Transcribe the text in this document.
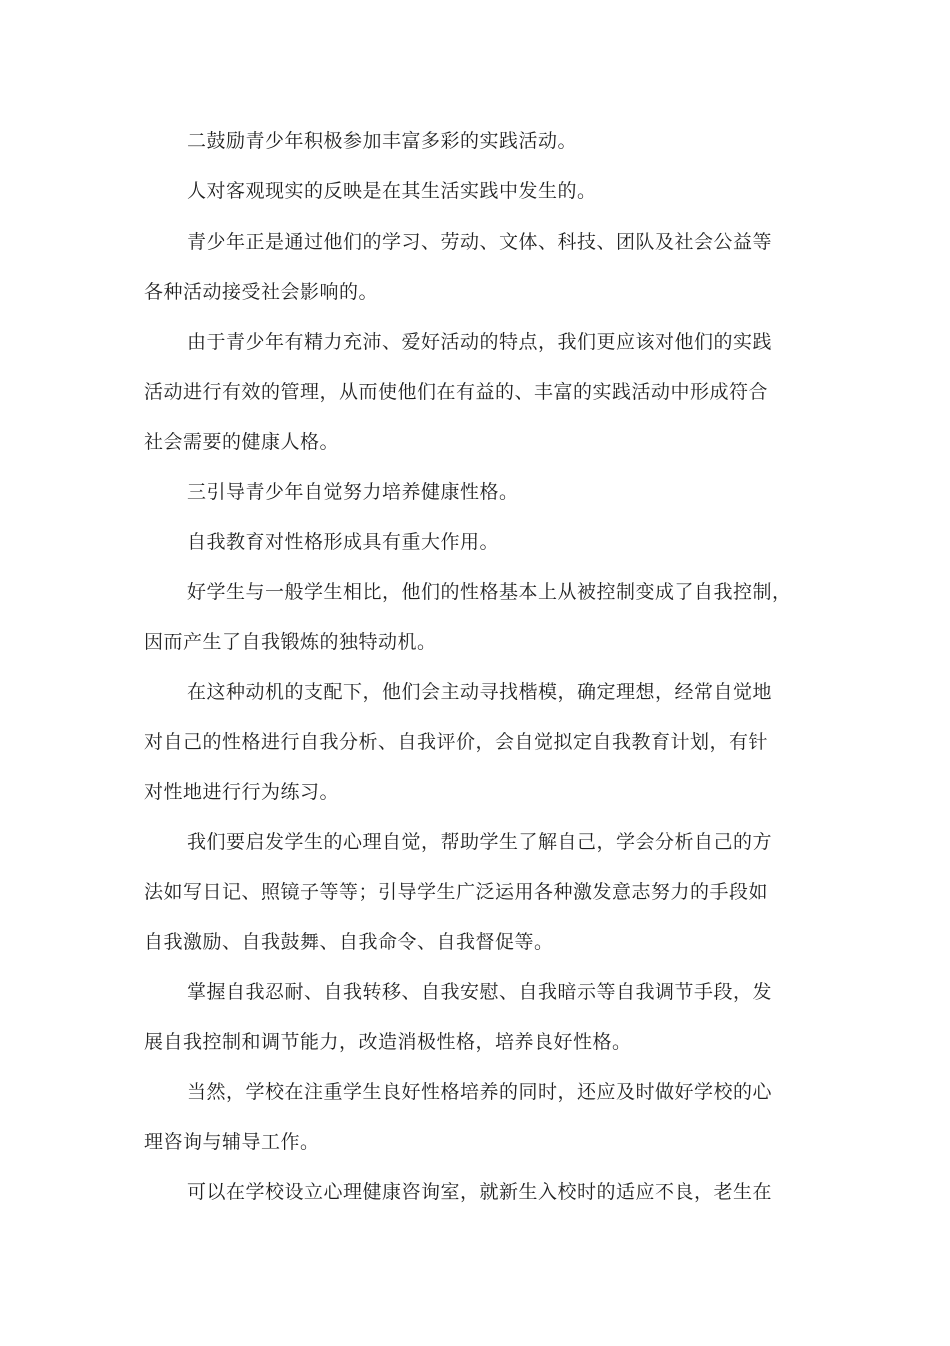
二鼓励青少年积极参加丰富多彩的实践活动。
人对客观现实的反映是在其生活实践中发生的。
青少年正是通过他们的学习、劳动、文体、科技、团队及社会公益等
各种活动接受社会影响的。
由于青少年有精力充沛、爱好活动的特点，我们更应该对他们的实践
活动进行有效的管理，从而使他们在有益的、丰富的实践活动中形成符合
社会需要的健康人格。
三引导青少年自觉努力培养健康性格。
自我教育对性格形成具有重大作用。
好学生与一般学生相比，他们的性格基本上从被控制变成了自我控制，
因而产生了自我锻炼的独特动机。
在这种动机的支配下，他们会主动寻找楷模，确定理想，经常自觉地
对自己的性格进行自我分析、自我评价，会自觉拟定自我教育计划，有针
对性地进行行为练习。
我们要启发学生的心理自觉，帮助学生了解自己，学会分析自己的方
法如写日记、照镜子等等；引导学生广泛运用各种激发意志努力的手段如
自我激励、自我鼓舞、自我命令、自我督促等。
掌握自我忍耐、自我转移、自我安慰、自我暗示等自我调节手段，发
展自我控制和调节能力，改造消极性格，培养良好性格。
当然，学校在注重学生良好性格培养的同时，还应及时做好学校的心
理咨询与辅导工作。
可以在学校设立心理健康咨询室，就新生入校时的适应不良，老生在
